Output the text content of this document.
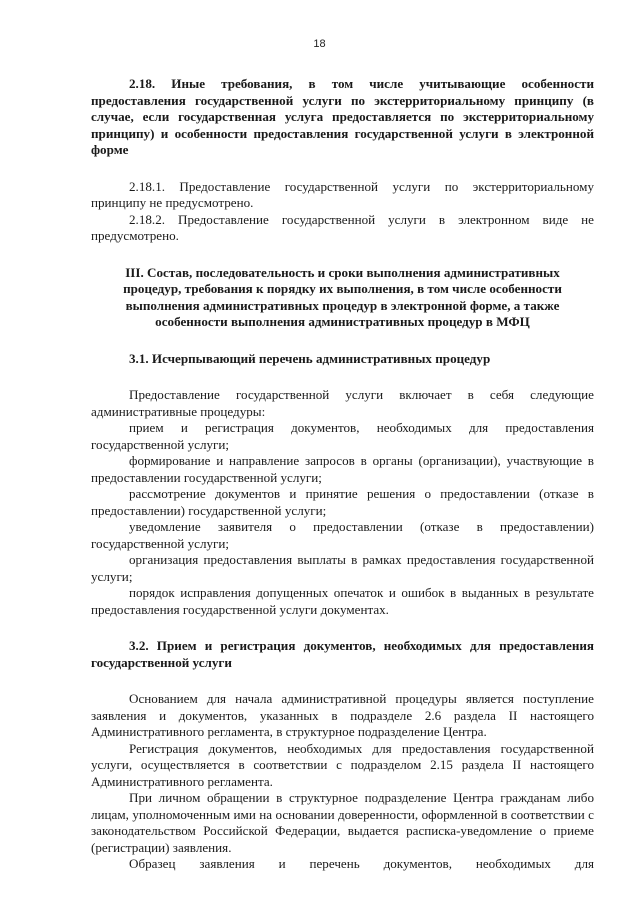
18

2.18. Иные требования, в том числе учитывающие особенности предоставления государственной услуги по экстерриториальному принципу (в случае, если государственная услуга предоставляется по экстерриториальному принципу) и особенности предоставления государственной услуги в электронной форме

2.18.1. Предоставление государственной услуги по экстерриториальному принципу не предусмотрено.

2.18.2. Предоставление государственной услуги в электронном виде не предусмотрено.

III. Состав, последовательность и сроки выполнения административных процедур, требования к порядку их выполнения, в том числе особенности выполнения административных процедур в электронной форме, а также особенности выполнения административных процедур в МФЦ

3.1. Исчерпывающий перечень административных процедур

Предоставление государственной услуги включает в себя следующие административные процедуры:

прием и регистрация документов, необходимых для предоставления государственной услуги;

формирование и направление запросов в органы (организации), участвующие в предоставлении государственной услуги;

рассмотрение документов и принятие решения о предоставлении (отказе в предоставлении) государственной услуги;

уведомление заявителя о предоставлении (отказе в предоставлении) государственной услуги;

организация предоставления выплаты в рамках предоставления государственной услуги;

порядок исправления допущенных опечаток и ошибок в выданных в результате предоставления государственной услуги документах.

3.2. Прием и регистрация документов, необходимых для предоставления государственной услуги

Основанием для начала административной процедуры является поступление заявления и документов, указанных в подразделе 2.6 раздела II настоящего Административного регламента, в структурное подразделение Центра.

Регистрация документов, необходимых для предоставления государственной услуги, осуществляется в соответствии с подразделом 2.15 раздела II настоящего Административного регламента.

При личном обращении в структурное подразделение Центра гражданам либо лицам, уполномоченным ими на основании доверенности, оформленной в соответствии с законодательством Российской Федерации, выдается расписка-уведомление о приеме (регистрации) заявления.

Образец заявления и перечень документов, необходимых для
